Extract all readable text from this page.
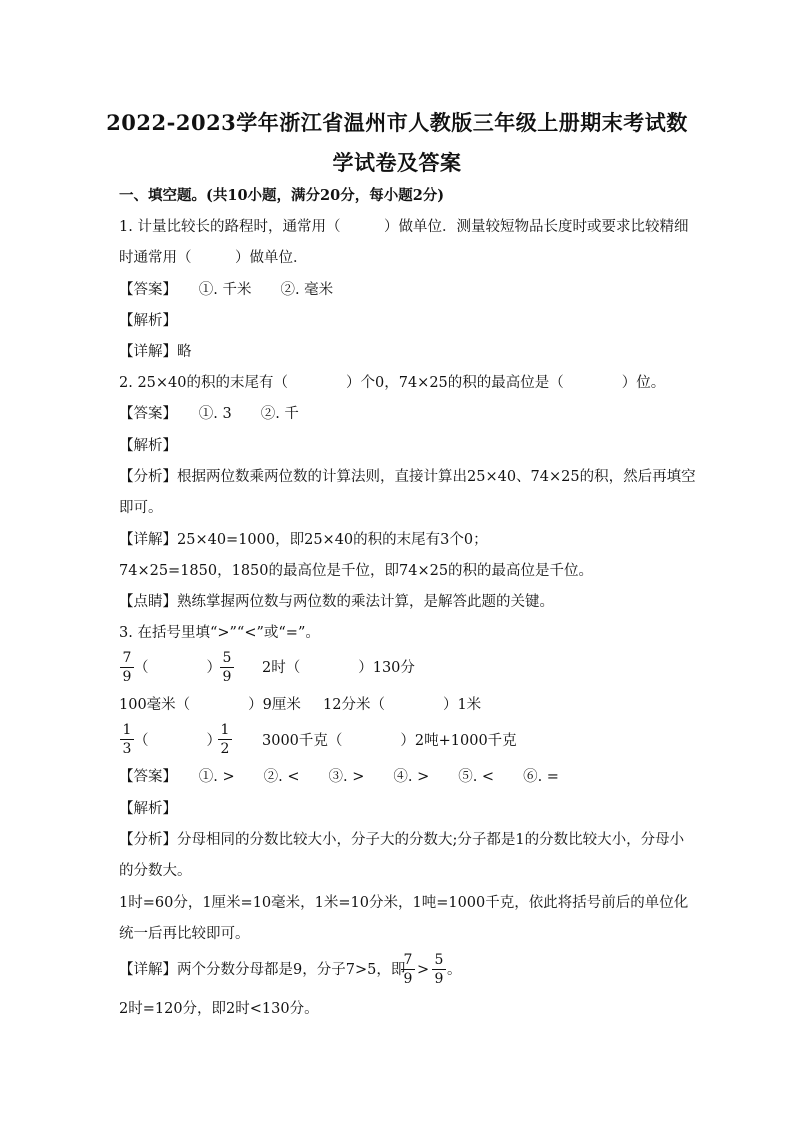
2022-2023学年浙江省温州市人教版三年级上册期末考试数
学试卷及答案
一、填空题。(共10小题，满分20分，每小题2分)
1. 计量比较长的路程时，通常用（　　　）做单位．测量较短物品长度时或要求比较精细
时通常用（　　　）做单位．
【答案】　　①. 千米　　②. 毫米
【解析】
【详解】略
2. 25×40的积的末尾有（　　　　）个0，74×25的积的最高位是（　　　　）位。
【答案】　　①. 3　　②. 千
【解析】
【分析】根据两位数乘两位数的计算法则，直接计算出25×40、74×25的积，然后再填空
即可。
【详解】25×40=1000，即25×40的积的末尾有3个0；
74×25=1850，1850的最高位是千位，即74×25的积的最高位是千位。
【点睛】熟练掌握两位数与两位数的乘法计算，是解答此题的关键。
3. 在括号里填“>”“<”或“=”。
$\frac{7}{9}$ （　　　　） $\frac{5}{9} 2$时（　　　　）130分
100毫米（　　　　）9厘米 12分米（　　　　）1米
$\frac{1}{3}$ （　　　　）
$\frac{1}{2} 3000$千克（　　　　）2吨+1000千克
【答案】　　①. >　　②. <　　③. >　　④. >　　⑤. <　　⑥. =
【解析】
【分析】分母相同的分数比较大小，分子大的分数大;分子都是1的分数比较大小，分母小
的分数大。
1时=60分，1厘米=10毫米，1米=10分米，1吨=1000千克，依此将括号前后的单位化
统一后再比较即可。
【详解】两个分数分母都是9，分子7>5，即
$\frac{7}{9} > \frac{5}{9}$ 。
2时=120分，即2时<130分。
